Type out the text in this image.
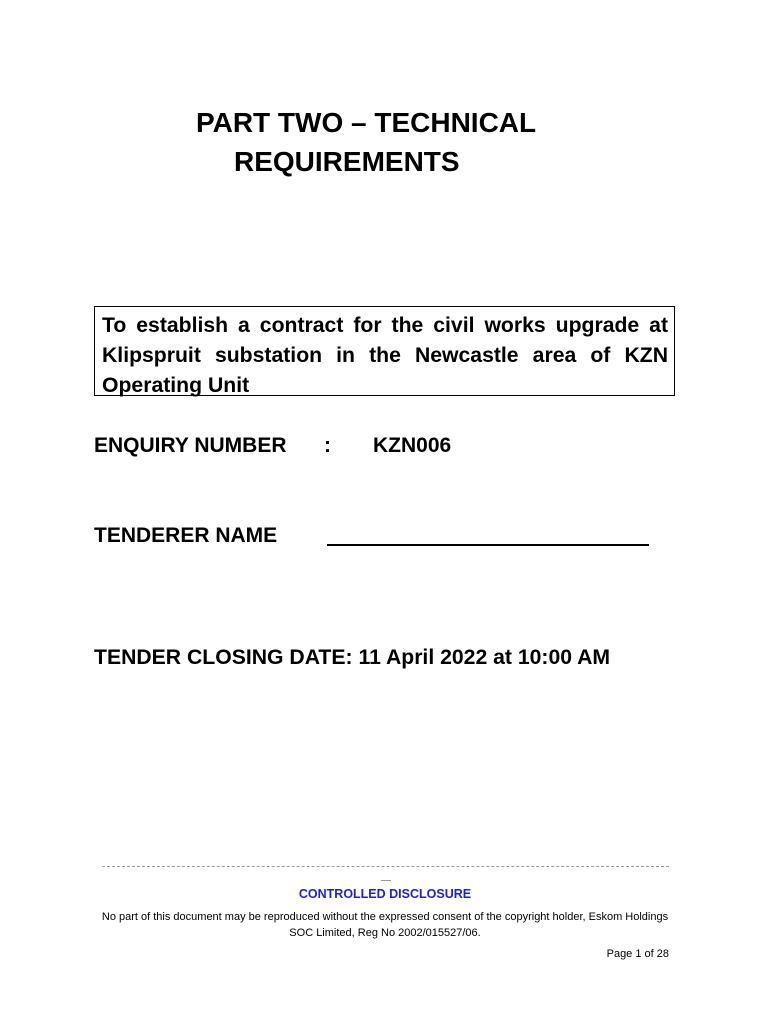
PART TWO – TECHNICAL
REQUIREMENTS
To establish a contract for the civil works upgrade at Klipspruit substation in the Newcastle area of KZN Operating Unit
ENQUIRY NUMBER : KZN006
TENDERER NAME
TENDER CLOSING DATE: 11 April 2022 at 10:00 AM
CONTROLLED DISCLOSURE
No part of this document may be reproduced without the expressed consent of the copyright holder, Eskom Holdings SOC Limited, Reg No 2002/015527/06.
Page 1 of 28
